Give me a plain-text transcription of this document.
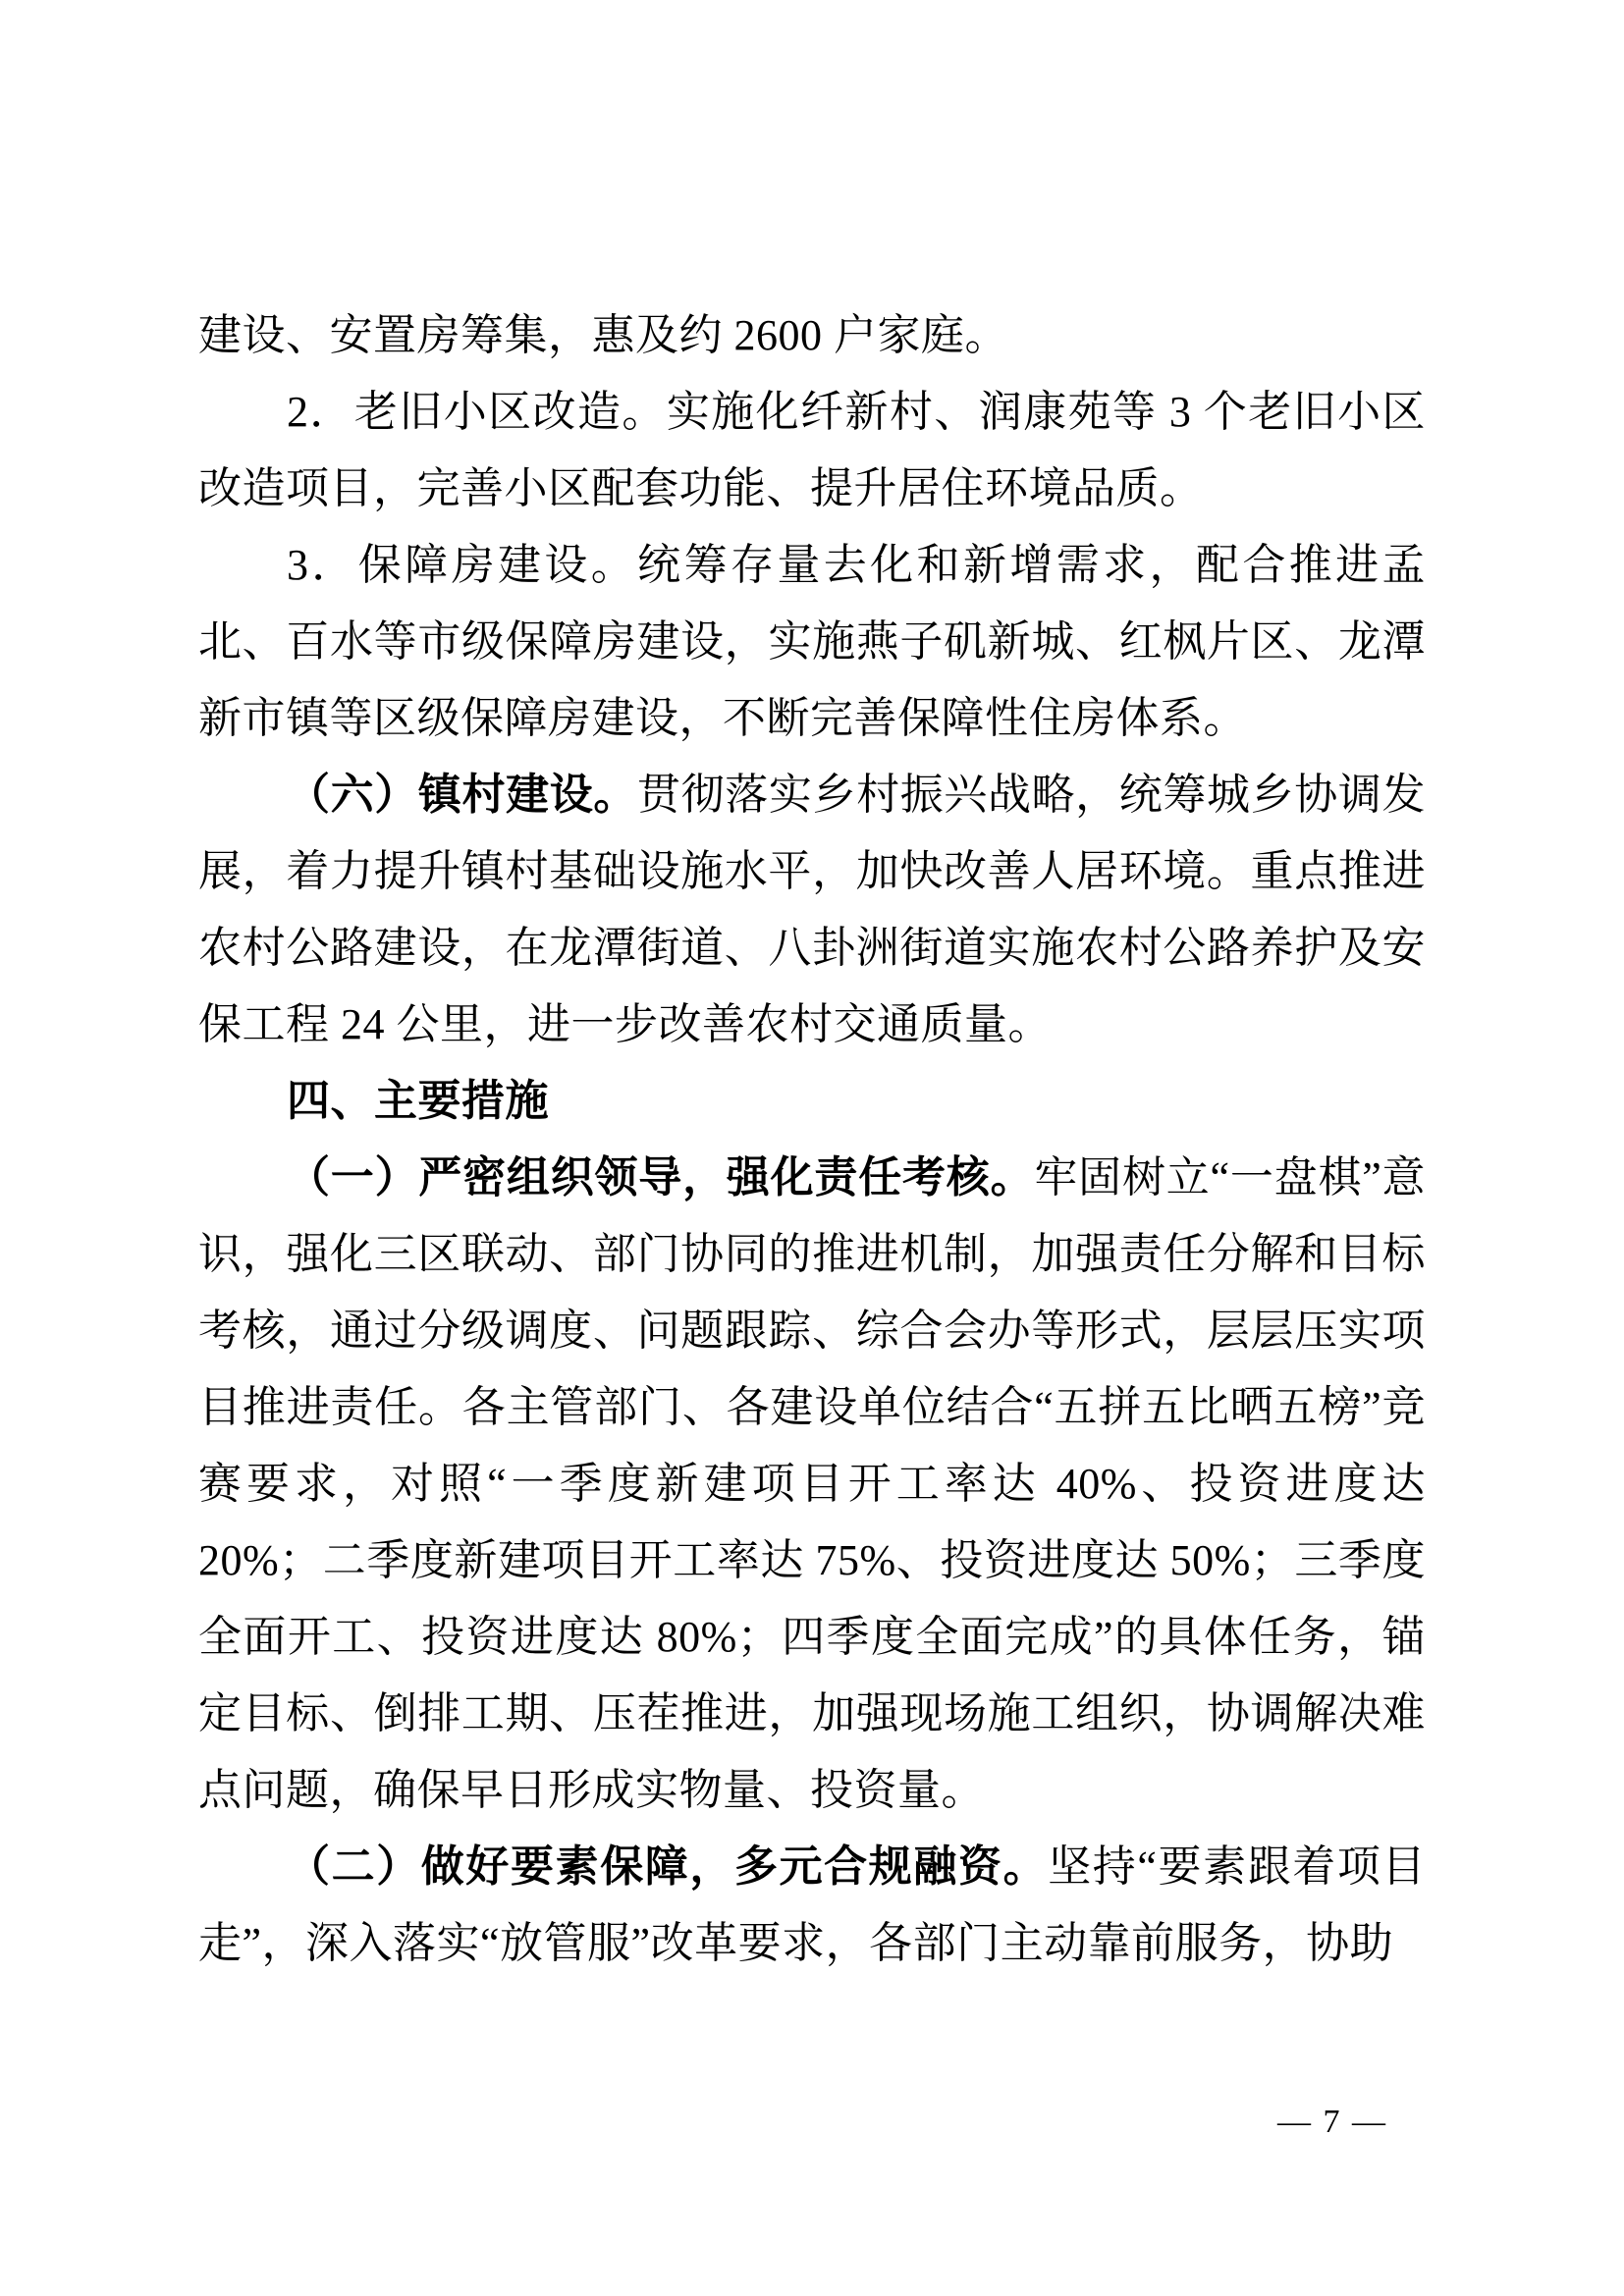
建设、安置房筹集，惠及约 2600 户家庭。
2．老旧小区改造。实施化纤新村、润康苑等 3 个老旧小区改造项目，完善小区配套功能、提升居住环境品质。
3．保障房建设。统筹存量去化和新增需求，配合推进孟北、百水等市级保障房建设，实施燕子矶新城、红枫片区、龙潭新市镇等区级保障房建设，不断完善保障性住房体系。
（六）镇村建设。贯彻落实乡村振兴战略，统筹城乡协调发展，着力提升镇村基础设施水平，加快改善人居环境。重点推进农村公路建设，在龙潭街道、八卦洲街道实施农村公路养护及安保工程 24 公里，进一步改善农村交通质量。
四、主要措施
（一）严密组织领导，强化责任考核。牢固树立“一盘棋”意识，强化三区联动、部门协同的推进机制，加强责任分解和目标考核，通过分级调度、问题跟踪、综合会办等形式，层层压实项目推进责任。各主管部门、各建设单位结合“五拼五比晒五榜”竞赛要求，对照“一季度新建项目开工率达 40%、投资进度达 20%；二季度新建项目开工率达 75%、投资进度达 50%；三季度全面开工、投资进度达 80%；四季度全面完成”的具体任务，锚定目标、倒排工期、压茬推进，加强现场施工组织，协调解决难点问题，确保早日形成实物量、投资量。
（二）做好要素保障，多元合规融资。坚持“要素跟着项目走”，深入落实“放管服”改革要求，各部门主动靠前服务，协助
— 7 —
